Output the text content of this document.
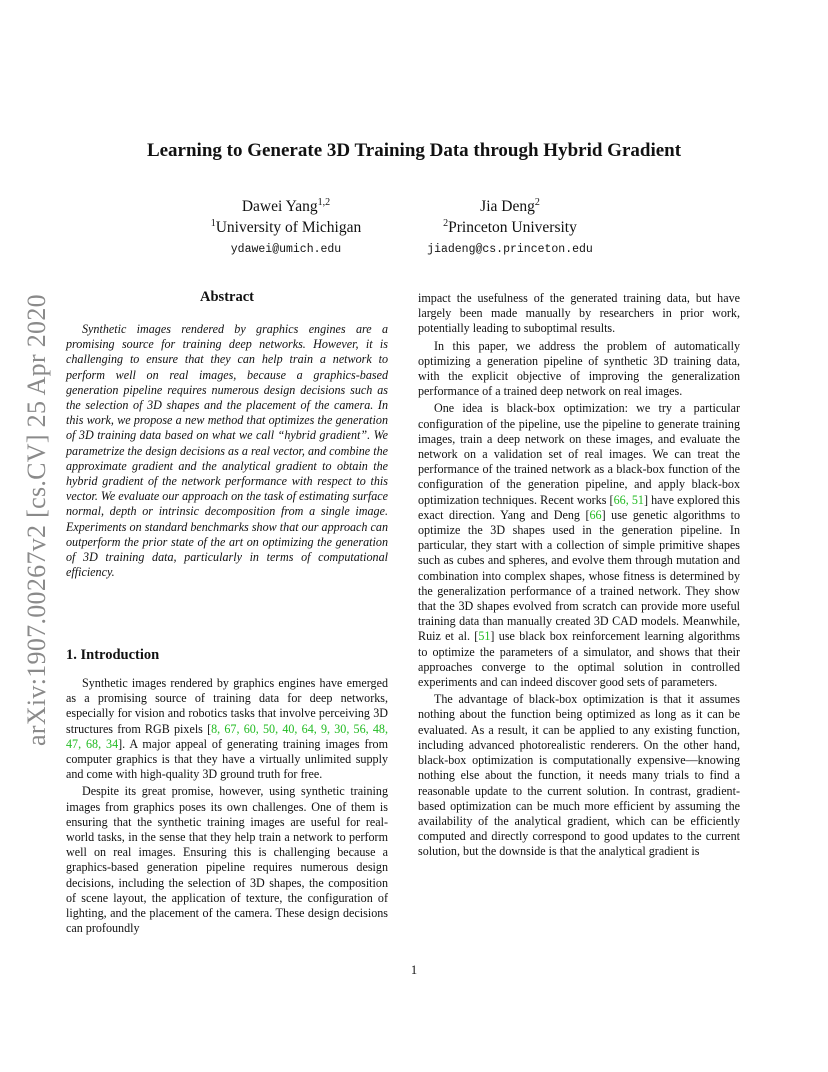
arXiv:1907.00267v2 [cs.CV] 25 Apr 2020
Learning to Generate 3D Training Data through Hybrid Gradient
Dawei Yang$^{1,2}$
$^1$University of Michigan
ydawei@umich.edu
Jia Deng$^2$
$^2$Princeton University
jiadeng@cs.princeton.edu
Abstract
Synthetic images rendered by graphics engines are a promising source for training deep networks. However, it is challenging to ensure that they can help train a network to perform well on real images, because a graphics-based generation pipeline requires numerous design decisions such as the selection of 3D shapes and the placement of the camera. In this work, we propose a new method that optimizes the generation of 3D training data based on what we call “hybrid gradient”. We parametrize the design decisions as a real vector, and combine the approximate gradient and the analytical gradient to obtain the hybrid gradient of the network performance with respect to this vector. We evaluate our approach on the task of estimating surface normal, depth or intrinsic decomposition from a single image. Experiments on standard benchmarks show that our approach can outperform the prior state of the art on optimizing the generation of 3D training data, particularly in terms of computational efficiency.
1. Introduction

Synthetic images rendered by graphics engines have emerged as a promising source of training data for deep networks, especially for vision and robotics tasks that involve perceiving 3D structures from RGB pixels [8, 67, 60, 50, 40, 64, 9, 30, 56, 48, 47, 68, 34]. A major appeal of generating training images from computer graphics is that they have a virtually unlimited supply and come with high-quality 3D ground truth for free.

Despite its great promise, however, using synthetic training images from graphics poses its own challenges. One of them is ensuring that the synthetic training images are useful for real-world tasks, in the sense that they help train a network to perform well on real images. Ensuring this is challenging because a graphics-based generation pipeline requires numerous design decisions, including the selection of 3D shapes, the composition of scene layout, the application of texture, the configuration of lighting, and the placement of the camera. These design decisions can profoundly

impact the usefulness of the generated training data, but have largely been made manually by researchers in prior work, potentially leading to suboptimal results.

In this paper, we address the problem of automatically optimizing a generation pipeline of synthetic 3D training data, with the explicit objective of improving the generalization performance of a trained deep network on real images.

One idea is black-box optimization: we try a particular configuration of the pipeline, use the pipeline to generate training images, train a deep network on these images, and evaluate the network on a validation set of real images. We can treat the performance of the trained network as a black-box function of the configuration of the generation pipeline, and apply black-box optimization techniques. Recent works [66, 51] have explored this exact direction. Yang and Deng [66] use genetic algorithms to optimize the 3D shapes used in the generation pipeline. In particular, they start with a collection of simple primitive shapes such as cubes and spheres, and evolve them through mutation and combination into complex shapes, whose fitness is determined by the generalization performance of a trained network. They show that the 3D shapes evolved from scratch can provide more useful training data than manually created 3D CAD models. Meanwhile, Ruiz et al. [51] use black box reinforcement learning algorithms to optimize the parameters of a simulator, and shows that their approaches converge to the optimal solution in controlled experiments and can indeed discover good sets of parameters.

The advantage of black-box optimization is that it assumes nothing about the function being optimized as long as it can be evaluated. As a result, it can be applied to any existing function, including advanced photorealistic renderers. On the other hand, black-box optimization is computationally expensive—knowing nothing else about the function, it needs many trials to find a reasonable update to the current solution. In contrast, gradient-based optimization can be much more efficient by assuming the availability of the analytical gradient, which can be efficiently computed and directly correspond to good updates to the current solution, but the downside is that the analytical gradient is

1
